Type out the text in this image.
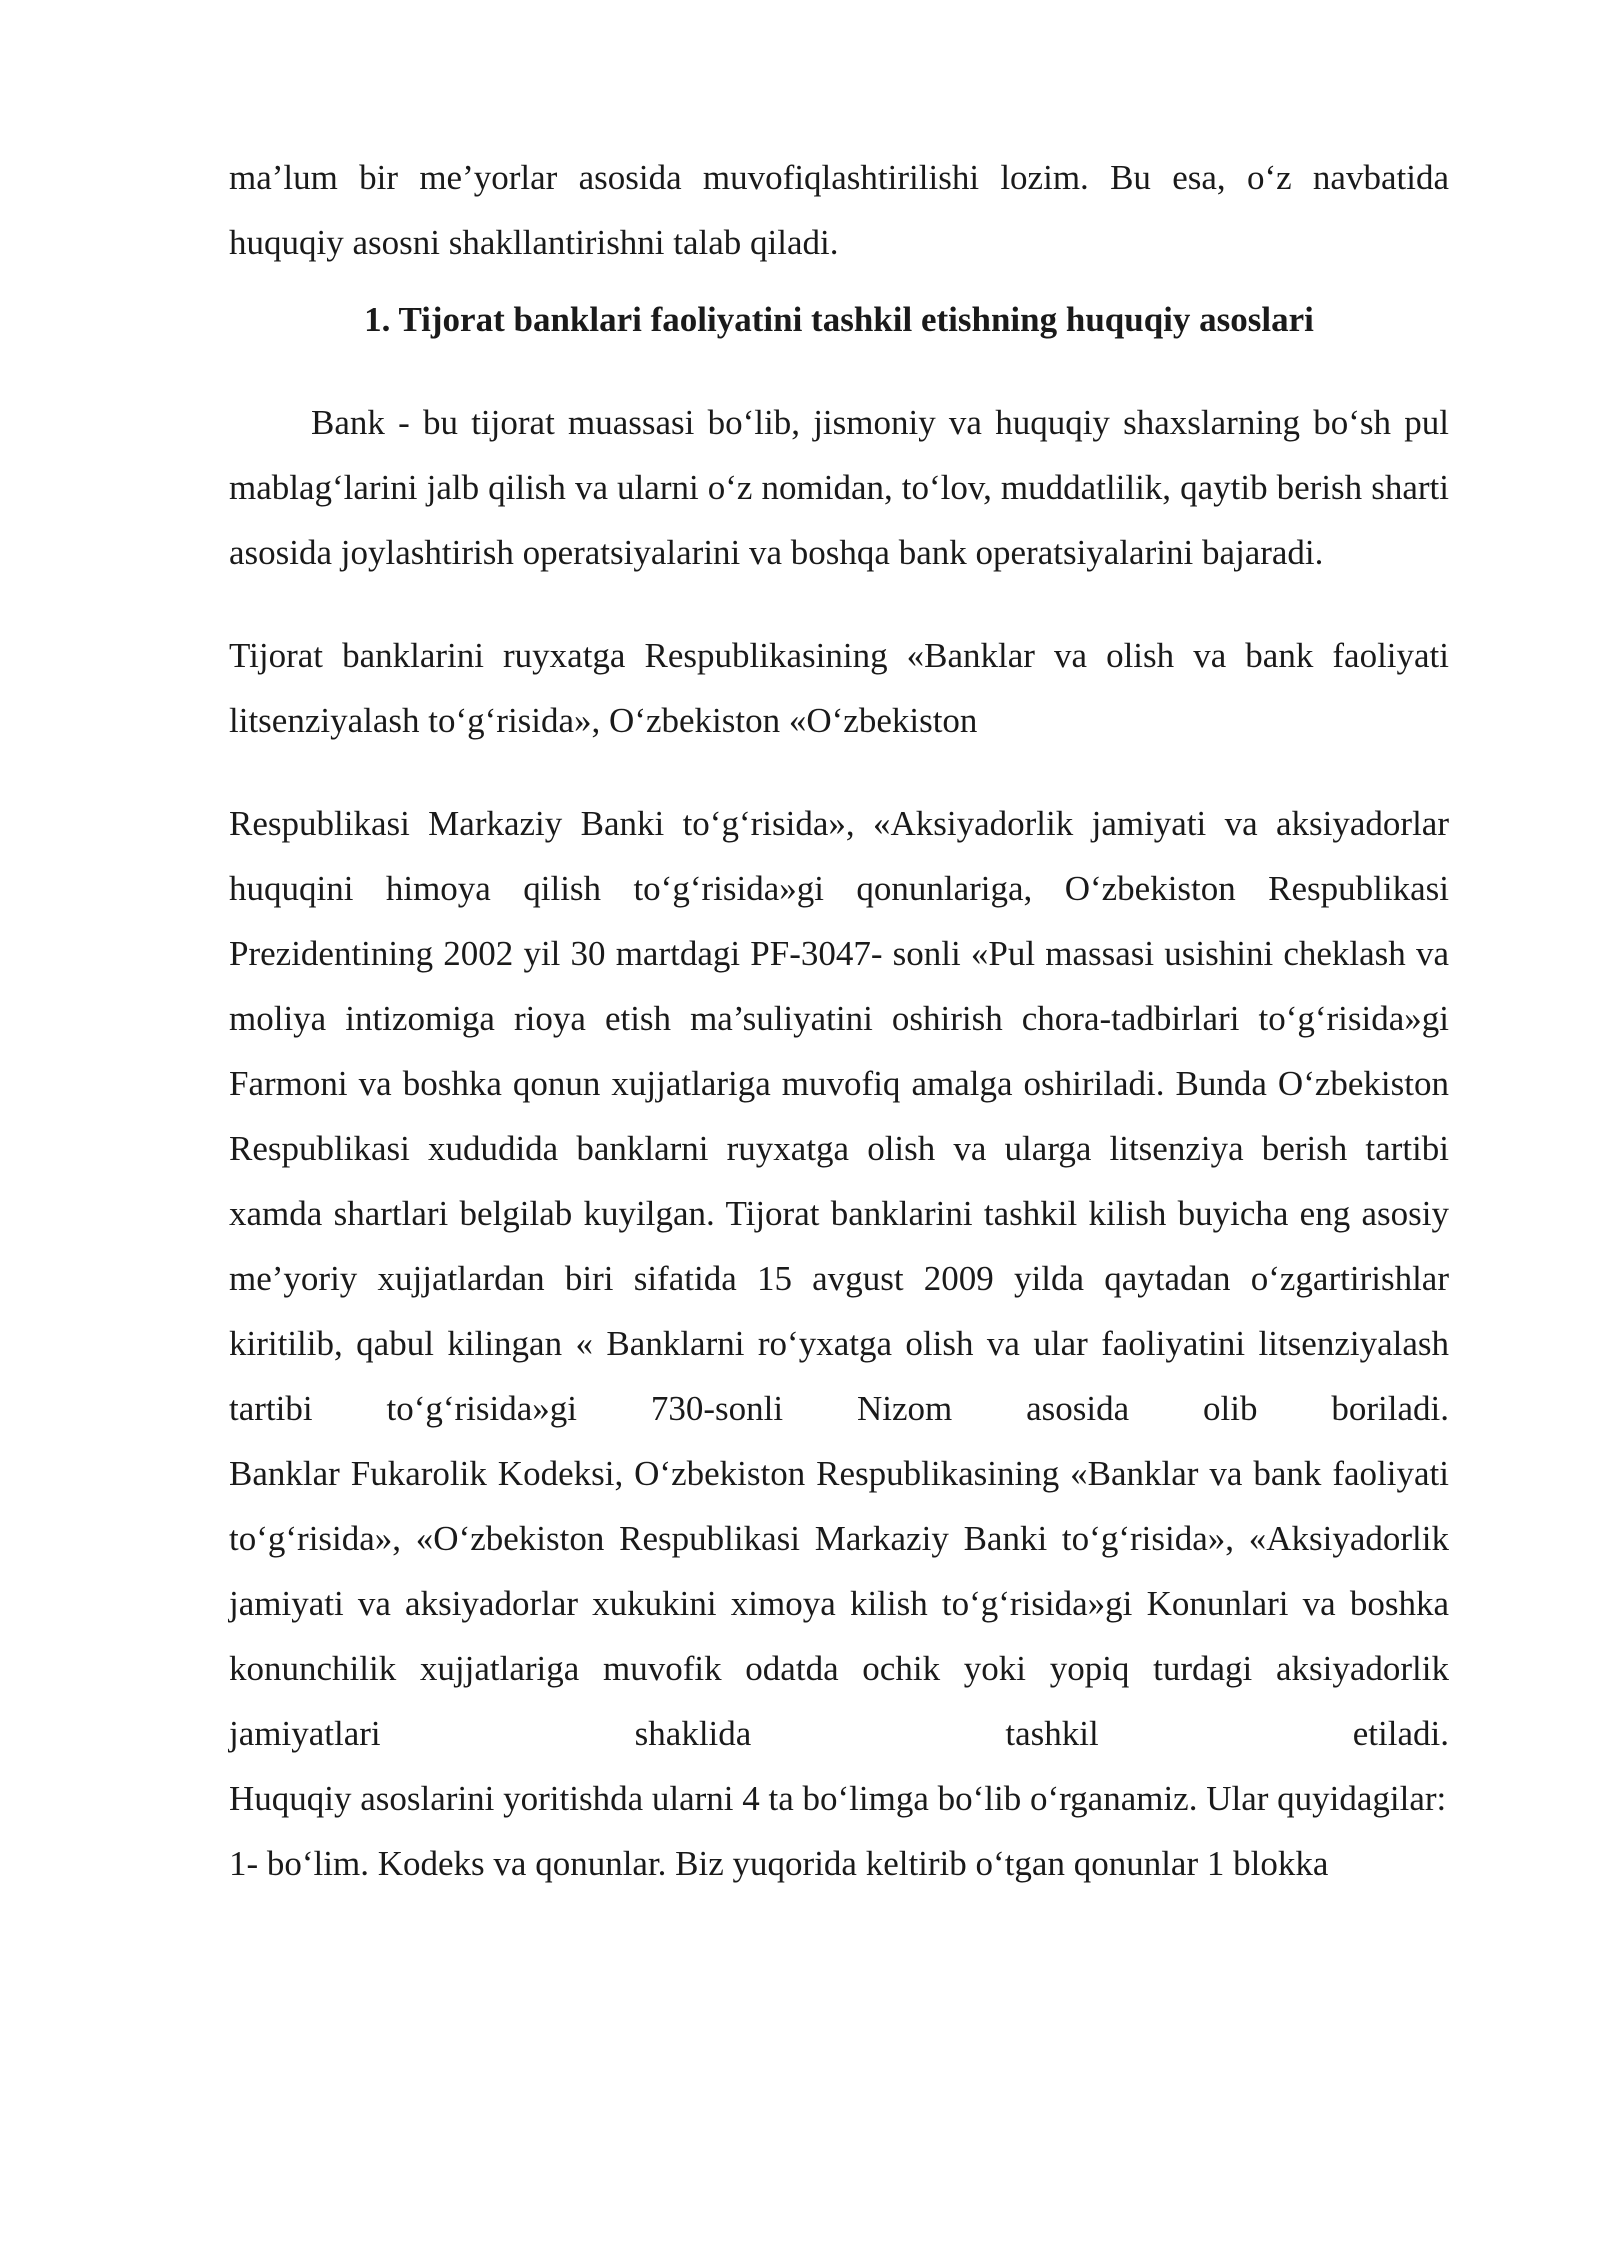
ma’lum bir me’yorlar asosida muvofiqlashtirilishi lozim. Bu esa, o‘z navbatida huquqiy asosni shakllantirishni talab qiladi.

1. Tijorat banklari faoliyatini tashkil etishning huquqiy asoslari

Bank - bu tijorat muassasi bo‘lib, jismoniy va huquqiy shaxslarning bo‘sh pul mablag‘larini jalb qilish va ularni o‘z nomidan, to‘lov, muddatlilik, qaytib berish sharti asosida joylashtirish operatsiyalarini va boshqa bank operatsiyalarini bajaradi.

Tijorat banklarini ruyxatga Respublikasining «Banklar va olish va bank faoliyati litsenziyalash to‘g‘risida», O‘zbekiston «O‘zbekiston

Respublikasi Markaziy Banki to‘g‘risida», «Aksiyadorlik jamiyati va aksiyadorlar huquqini himoya qilish to‘g‘risida»gi qonunlariga, O‘zbekiston Respublikasi Prezidentining 2002 yil 30 martdagi PF-3047- sonli «Pul massasi usishini cheklash va moliya intizomiga rioya etish ma’suliyatini oshirish chora-tadbirlari to‘g‘risida»gi Farmoni va boshka qonun xujjatlariga muvofiq amalga oshiriladi. Bunda O‘zbekiston Respublikasi xududida banklarni ruyxatga olish va ularga litsenziya berish tartibi xamda shartlari belgilab kuyilgan. Tijorat banklarini tashkil kilish buyicha eng asosiy me’yoriy xujjatlardan biri sifatida 15 avgust 2009 yilda qaytadan o‘zgartirishlar kiritilib, qabul kilingan « Banklarni ro‘yxatga olish va ular faoliyatini litsenziyalash tartibi to‘g‘risida»gi 730-sonli Nizom asosida olib boriladi.

Banklar Fukarolik Kodeksi, O‘zbekiston Respublikasining «Banklar va bank faoliyati to‘g‘risida», «O‘zbekiston Respublikasi Markaziy Banki to‘g‘risida», «Aksiyadorlik jamiyati va aksiyadorlar xukukini ximoya kilish to‘g‘risida»gi Konunlari va boshka konunchilik xujjatlariga muvofik odatda ochik yoki yopiq turdagi aksiyadorlik jamiyatlari shaklida tashkil etiladi.

Huquqiy asoslarini yoritishda ularni 4 ta bo‘limga bo‘lib o‘rganamiz. Ular quyidagilar:

1- bo‘lim. Kodeks va qonunlar. Biz yuqorida keltirib o‘tgan qonunlar 1 blokka
